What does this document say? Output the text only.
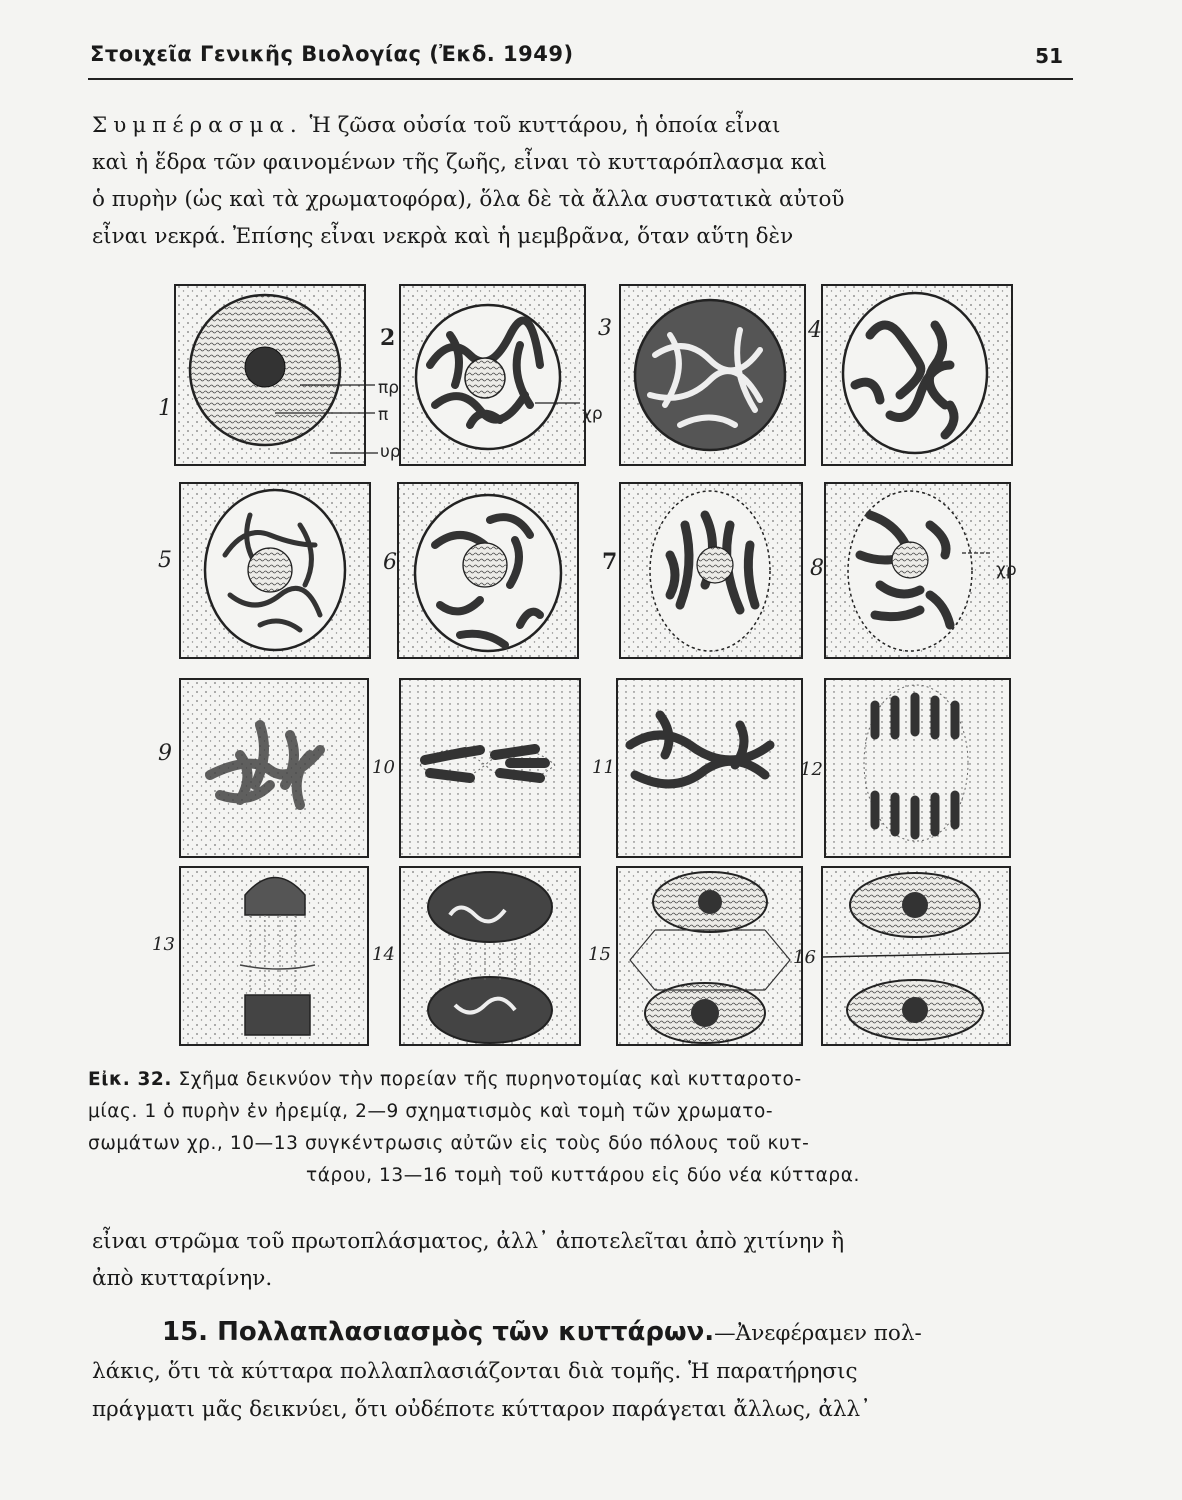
Στοιχεῖα Γενικῆς Βιολογίας (Ἐκδ. 1949)	51
Συμπέρασμα. Ἡ ζῶσα οὐσία τοῦ κυττάρου, ἡ ὁποία εἶναι
καὶ ἡ ἕδρα τῶν φαινομένων τῆς ζωῆς, εἶναι τὸ κυτταρόπλασμα καὶ
ὁ πυρὴν (ὡς καὶ τὰ χρωματοφόρα), ὅλα δὲ τὰ ἄλλα συστατικὰ αὐτοῦ
εἶναι νεκρά. Ἐπίσης εἶναι νεκρὰ καὶ ἡ μεμβρᾶνα, ὅταν αὕτη δὲν
1
2	3	4
5	6	7	8
9
10	11	12
13	14	15	16
πρ
π
υρ
χρ
χρ
Εἰκ. 32. Σχῆμα δεικνύον τὴν πορείαν τῆς πυρηνοτομίας καὶ κυτταροτο-
μίας. 1 ὁ πυρὴν ἐν ἠρεμίᾳ, 2—9 σχηματισμὸς καὶ τομὴ τῶν χρωματο-
σωμάτων χρ., 10—13 συγκέντρωσις αὐτῶν εἰς τοὺς δύο πόλους τοῦ κυτ-
τάρου, 13—16 τομὴ τοῦ κυττάρου εἰς δύο νέα κύτταρα.
εἶναι στρῶμα τοῦ πρωτοπλάσματος, ἀλλ᾽ ἀποτελεῖται ἀπὸ χιτίνην ἢ
ἀπὸ κυτταρίνην.
15. Πολλαπλασιασμὸς τῶν κυττάρων.—Ἀνεφέραμεν πολ-
λάκις, ὅτι τὰ κύτταρα πολλαπλασιάζονται διὰ τομῆς. Ἡ παρατήρησις
πράγματι μᾶς δεικνύει, ὅτι οὐδέποτε κύτταρον παράγεται ἄλλως, ἀλλ᾽
